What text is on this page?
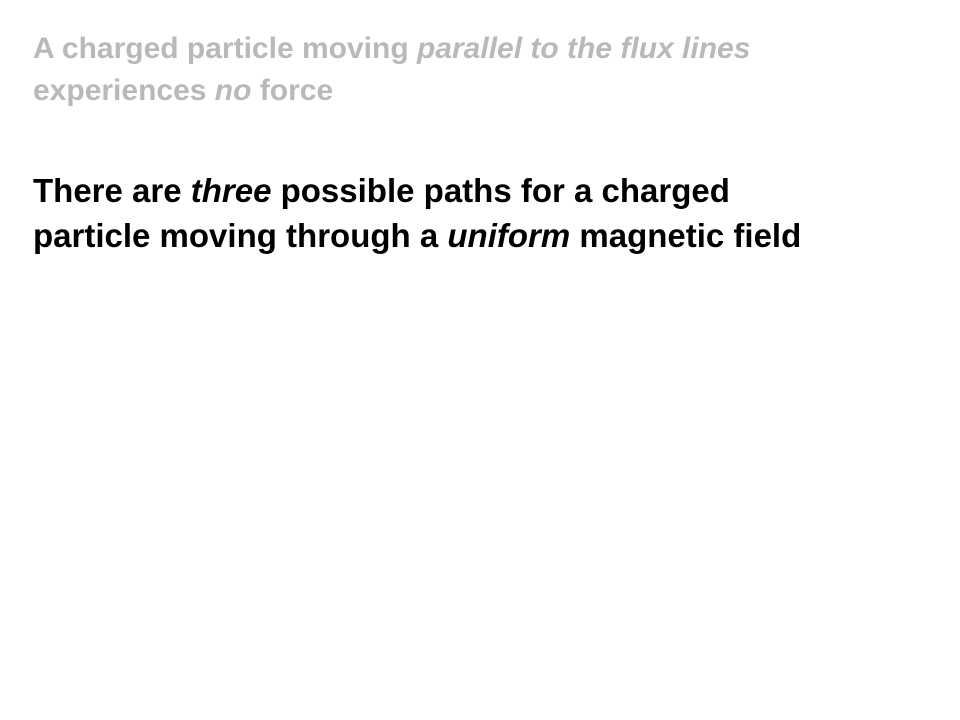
A charged particle moving parallel to the flux lines
experiences no force
There are three possible paths for a charged
particle moving through a uniform magnetic field
